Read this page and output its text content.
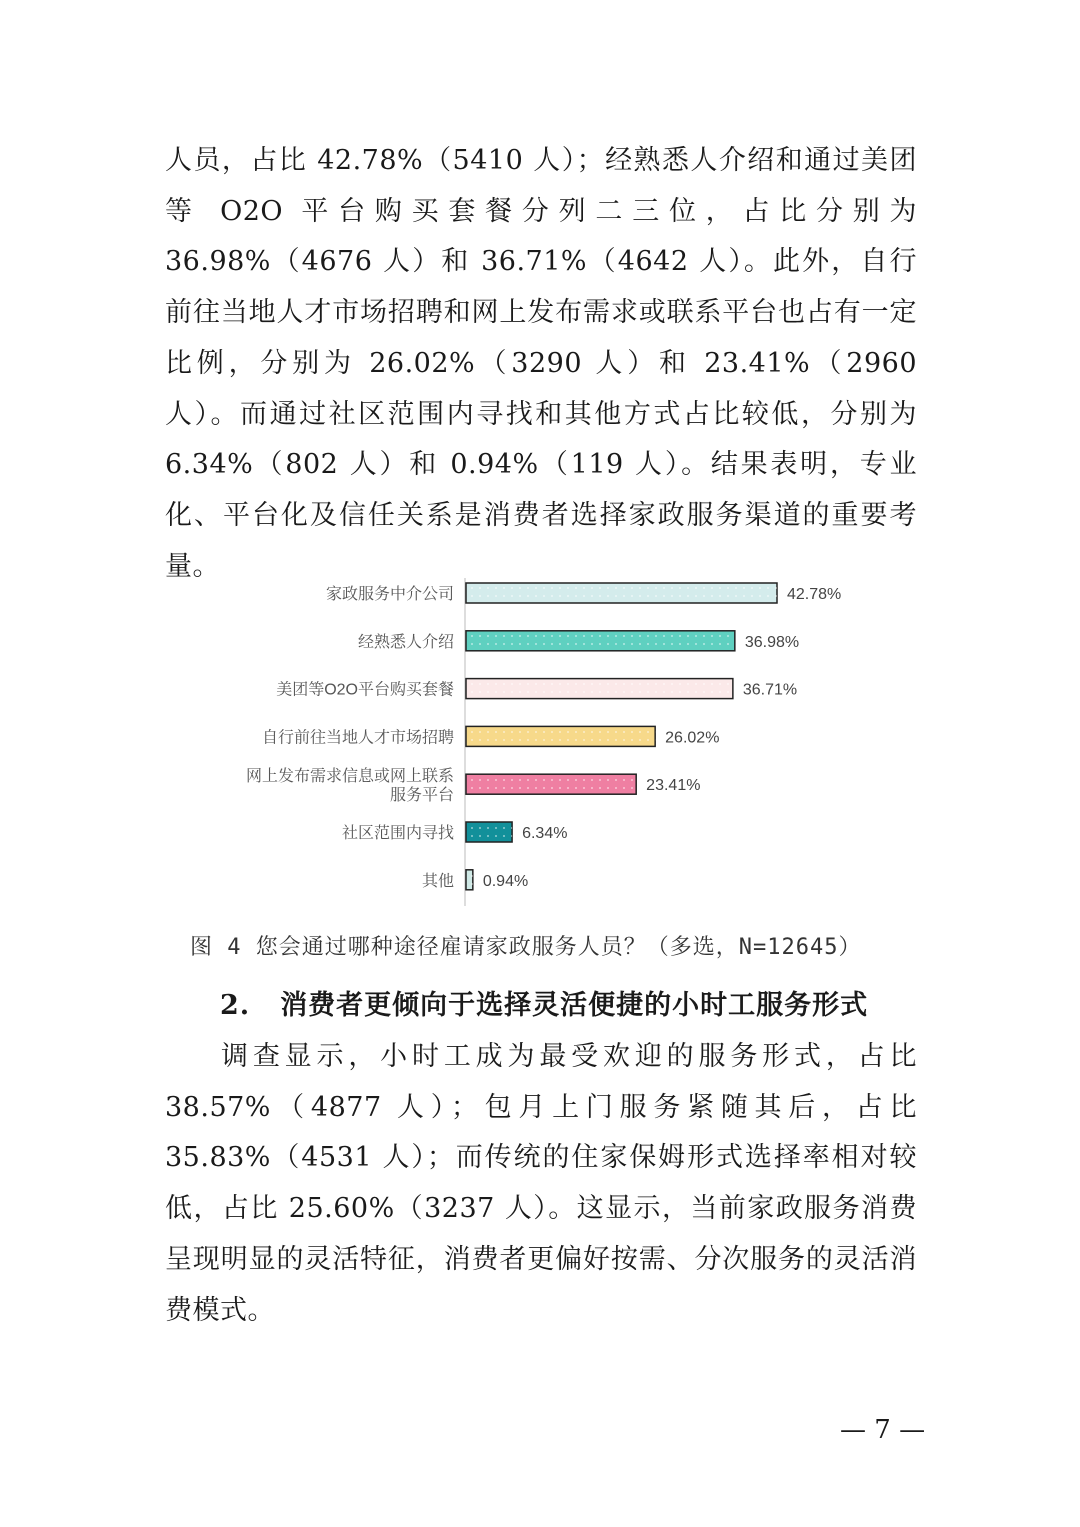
人员，占比 42.78%（5410 人）；经熟悉人介绍和通过美团等 O2O 平台购买套餐分列二三位，占比分别为 36.98%（4676 人）和 36.71%（4642 人）。此外，自行前往当地人才市场招聘和网上发布需求或联系平台也占有一定比例，分别为 26.02%（3290 人）和 23.41%（2960 人）。而通过社区范围内寻找和其他方式占比较低，分别为 6.34%（802 人）和 0.94%（119 人）。结果表明，专业化、平台化及信任关系是消费者选择家政服务渠道的重要考量。

42.78%
家政服务中介公司
36.98%
经熟悉人介绍
36.71%
美团等O2O平台购买套餐
26.02%
自行前往当地人才市场招聘
23.41%
网上发布需求信息或网上联系
服务平台
6.34%
社区范围内寻找
0.94%
其他

图 4 您会通过哪种途径雇请家政服务人员？（多选，N=12645）

2. 消费者更倾向于选择灵活便捷的小时工服务形式

调查显示，小时工成为最受欢迎的服务形式，占比 38.57%（4877 人）；包月上门服务紧随其后，占比 35.83%（4531 人）；而传统的住家保姆形式选择率相对较低，占比 25.60%（3237 人）。这显示，当前家政服务消费呈现明显的灵活特征，消费者更偏好按需、分次服务的灵活消费模式。

— 7 —
